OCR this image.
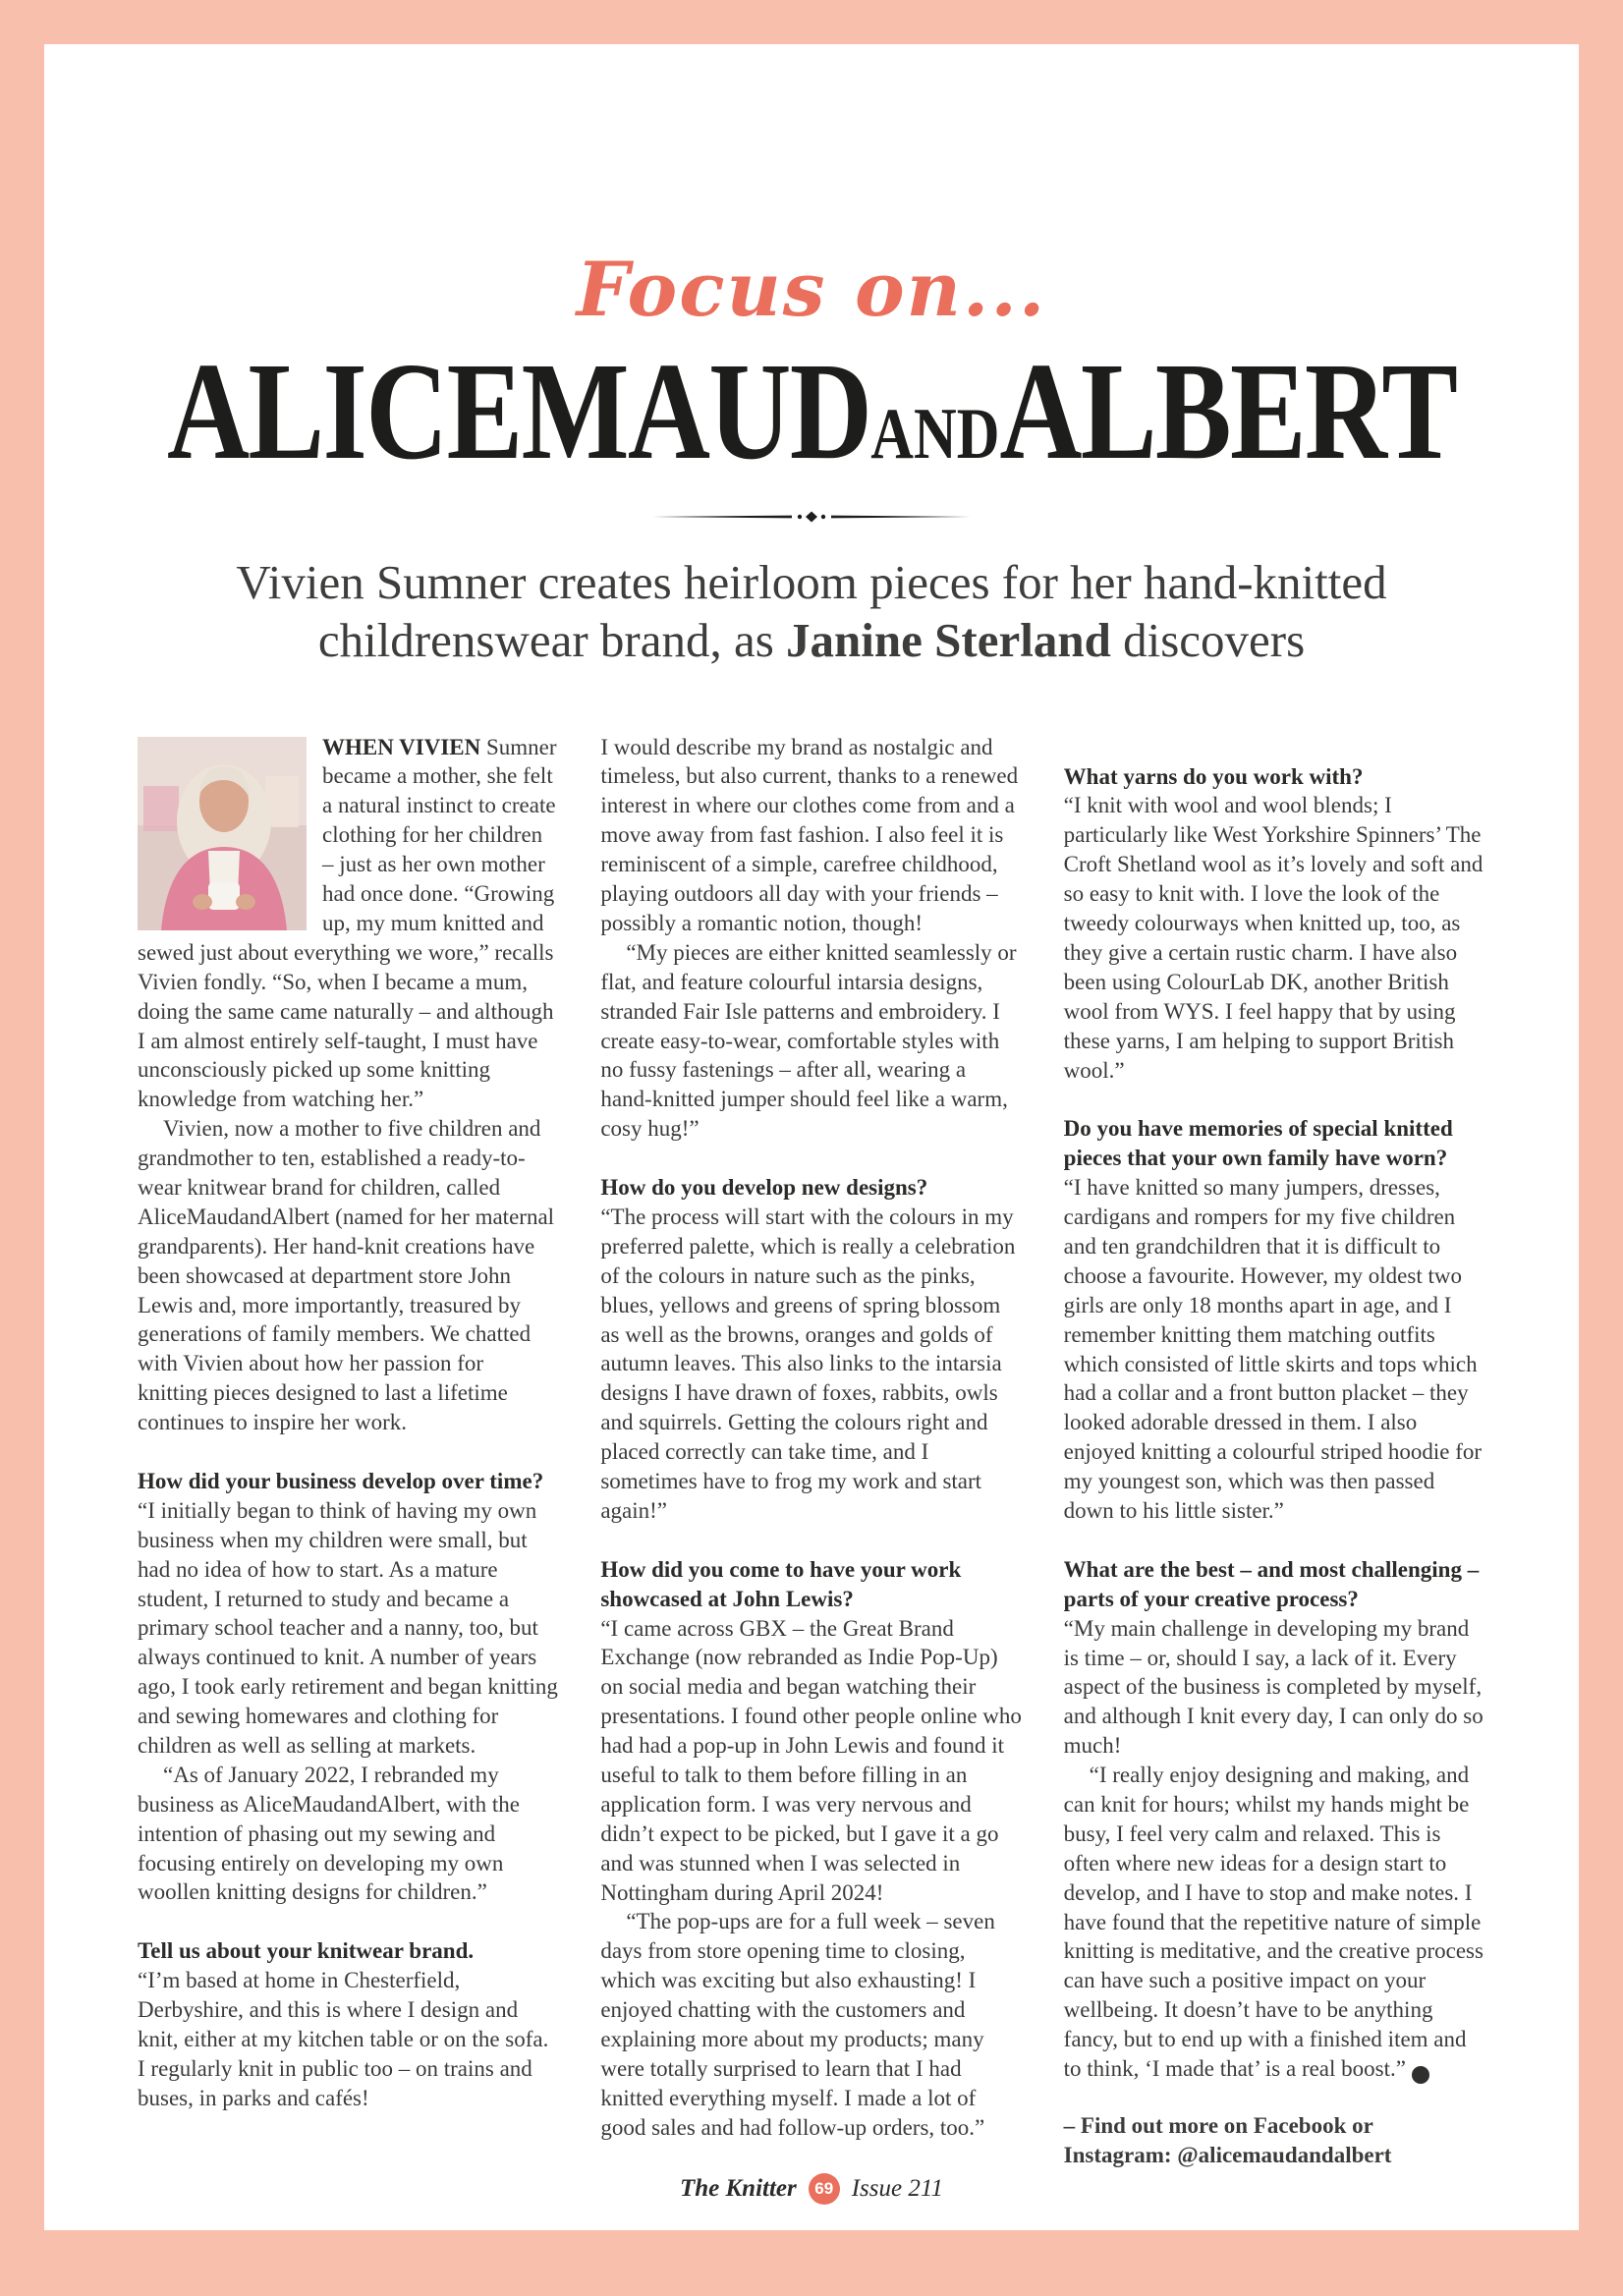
Focus on...
ALICEMAUDANDALBERT
Vivien Sumner creates heirloom pieces for her hand-knitted childrenswear brand, as Janine Sterland discovers

WHEN VIVIEN Sumner became a mother, she felt a natural instinct to create clothing for her children – just as her own mother had once done. “Growing up, my mum knitted and sewed just about everything we wore,” recalls Vivien fondly. “So, when I became a mum, doing the same came naturally – and although I am almost entirely self-taught, I must have unconsciously picked up some knitting knowledge from watching her.”

Vivien, now a mother to five children and grandmother to ten, established a ready-to-wear knitwear brand for children, called AliceMaudandAlbert (named for her maternal grandparents). Her hand-knit creations have been showcased at department store John Lewis and, more importantly, treasured by generations of family members. We chatted with Vivien about how her passion for knitting pieces designed to last a lifetime continues to inspire her work.

How did your business develop over time?

“I initially began to think of having my own business when my children were small, but had no idea of how to start. As a mature student, I returned to study and became a primary school teacher and a nanny, too, but always continued to knit. A number of years ago, I took early retirement and began knitting and sewing homewares and clothing for children as well as selling at markets.

“As of January 2022, I rebranded my business as AliceMaudandAlbert, with the intention of phasing out my sewing and focusing entirely on developing my own woollen knitting designs for children.”

Tell us about your knitwear brand.

“I’m based at home in Chesterfield, Derbyshire, and this is where I design and knit, either at my kitchen table or on the sofa. I regularly knit in public too – on trains and buses, in parks and cafés!

I would describe my brand as nostalgic and timeless, but also current, thanks to a renewed interest in where our clothes come from and a move away from fast fashion. I also feel it is reminiscent of a simple, carefree childhood, playing outdoors all day with your friends – possibly a romantic notion, though!

“My pieces are either knitted seamlessly or flat, and feature colourful intarsia designs, stranded Fair Isle patterns and embroidery. I create easy-to-wear, comfortable styles with no fussy fastenings – after all, wearing a hand-knitted jumper should feel like a warm, cosy hug!”

How do you develop new designs?

“The process will start with the colours in my preferred palette, which is really a celebration of the colours in nature such as the pinks, blues, yellows and greens of spring blossom as well as the browns, oranges and golds of autumn leaves. This also links to the intarsia designs I have drawn of foxes, rabbits, owls and squirrels. Getting the colours right and placed correctly can take time, and I sometimes have to frog my work and start again!”

How did you come to have your work showcased at John Lewis?

“I came across GBX – the Great Brand Exchange (now rebranded as Indie Pop-Up) on social media and began watching their presentations. I found other people online who had had a pop-up in John Lewis and found it useful to talk to them before filling in an application form. I was very nervous and didn’t expect to be picked, but I gave it a go and was stunned when I was selected in Nottingham during April 2024!

“The pop-ups are for a full week – seven days from store opening time to closing, which was exciting but also exhausting! I enjoyed chatting with the customers and explaining more about my products; many were totally surprised to learn that I had knitted everything myself. I made a lot of good sales and had follow-up orders, too.”

What yarns do you work with?

“I knit with wool and wool blends; I particularly like West Yorkshire Spinners’ The Croft Shetland wool as it’s lovely and soft and so easy to knit with. I love the look of the tweedy colourways when knitted up, too, as they give a certain rustic charm. I have also been using ColourLab DK, another British wool from WYS. I feel happy that by using these yarns, I am helping to support British wool.”

Do you have memories of special knitted pieces that your own family have worn?

“I have knitted so many jumpers, dresses, cardigans and rompers for my five children and ten grandchildren that it is difficult to choose a favourite. However, my oldest two girls are only 18 months apart in age, and I remember knitting them matching outfits which consisted of little skirts and tops which had a collar and a front button placket – they looked adorable dressed in them. I also enjoyed knitting a colourful striped hoodie for my youngest son, which was then passed down to his little sister.”

What are the best – and most challenging – parts of your creative process?

“My main challenge in developing my brand is time – or, should I say, a lack of it. Every aspect of the business is completed by myself, and although I knit every day, I can only do so much!

“I really enjoy designing and making, and can knit for hours; whilst my hands might be busy, I feel very calm and relaxed. This is often where new ideas for a design start to develop, and I have to stop and make notes. I have found that the repetitive nature of simple knitting is meditative, and the creative process can have such a positive impact on your wellbeing. It doesn’t have to be anything fancy, but to end up with a finished item and to think, ‘I made that’ is a real boost.” +

– Find out more on Facebook or Instagram: @alicemaudandalbert

The Knitter	69 Issue 211
